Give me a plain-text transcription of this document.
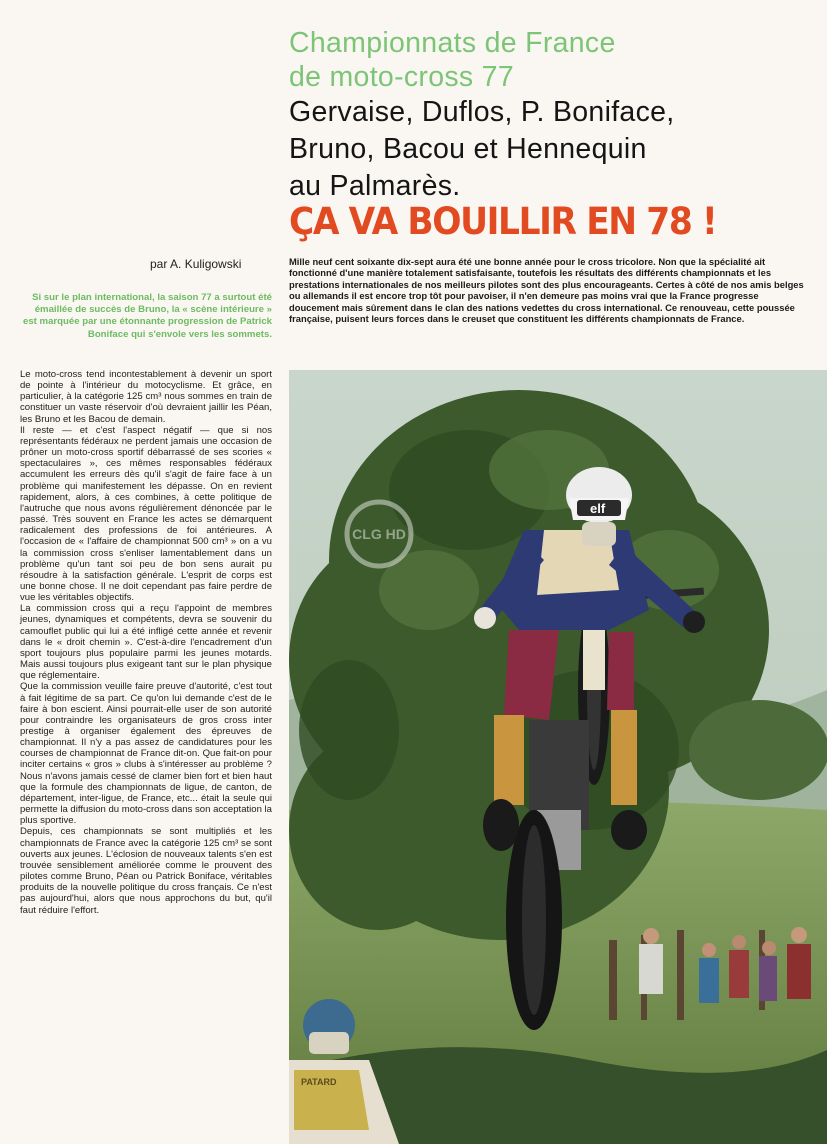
Championnats de France
de moto-cross 77
Gervaise, Duflos, P. Boniface,
Bruno, Bacou et Hennequin
au Palmarès.
ÇA VA BOUILLIR EN 78 !
par A. Kuligowski
Si sur le plan international, la saison 77 a surtout été émaillée de succès de Bruno, la « scène intérieure » est marquée par une étonnante progression de Patrick Boniface qui s'envole vers les sommets.
Mille neuf cent soixante dix-sept aura été une bonne année pour le cross tricolore. Non que la spécialité ait fonctionné d'une manière totalement satisfaisante, toutefois les résultats des différents championnats et les prestations internationales de nos meilleurs pilotes sont des plus encourageants. Certes à côté de nos amis belges ou allemands il est encore trop tôt pour pavoiser, il n'en demeure pas moins vrai que la France progresse doucement mais sûrement dans le clan des nations vedettes du cross international. Ce renouveau, cette poussée française, puisent leurs forces dans le creuset que constituent les différents championnats de France.

Le moto-cross tend incontestablement à devenir un sport de pointe à l'intérieur du motocyclisme. Et grâce, en particulier, à la catégorie 125 cm³ nous sommes en train de constituer un vaste réservoir d'où devraient jaillir les Péan, les Bruno et les Bacou de demain.

Il reste — et c'est l'aspect négatif — que si nos représentants fédéraux ne perdent jamais une occasion de prôner un moto-cross sportif débarrassé de ses scories « spectaculaires », ces mêmes responsables fédéraux accumulent les erreurs dès qu'il s'agit de faire face à un problème qui manifestement les dépasse. On en revient rapidement, alors, à ces combines, à cette politique de l'autruche que nous avons régulièrement dénoncée par le passé. Très souvent en France les actes se démarquent radicalement des professions de foi antérieures. A l'occasion de « l'affaire de championnat 500 cm³ » on a vu la commission cross s'enliser lamentablement dans un problème qu'un tant soi peu de bon sens aurait pu résoudre à la satisfaction générale. L'esprit de corps est une bonne chose. Il ne doit cependant pas faire perdre de vue les véritables objectifs.

La commission cross qui a reçu l'appoint de membres jeunes, dynamiques et compétents, devra se souvenir du camouflet public qui lui a été infligé cette année et revenir dans le « droit chemin ». C'est-à-dire l'encadrement d'un sport toujours plus populaire parmi les jeunes motards. Mais aussi toujours plus exigeant tant sur le plan physique que réglementaire.

Que la commission veuille faire preuve d'autorité, c'est tout à fait légitime de sa part. Ce qu'on lui demande c'est de le faire à bon escient. Ainsi pourrait-elle user de son autorité pour contraindre les organisateurs de gros cross inter prestige à organiser également des épreuves de championnat. Il n'y a pas assez de candidatures pour les courses de championnat de France dit-on. Que fait-on pour inciter certains « gros » clubs à s'intéresser au problème ? Nous n'avons jamais cessé de clamer bien fort et bien haut que la formule des championnats de ligue, de canton, de département, inter-ligue, de France, etc... était la seule qui permette la diffusion du moto-cross dans son acceptation la plus sportive.

Depuis, ces championnats se sont multipliés et les championnats de France avec la catégorie 125 cm³ se sont ouverts aux jeunes. L'éclosion de nouveaux talents s'en est trouvée sensiblement améliorée comme le prouvent des pilotes comme Bruno, Péan ou Patrick Boniface, véritables produits de la nouvelle politique du cross français. Ce n'est pas aujourd'hui, alors que nous approchons du but, qu'il faut réduire l'effort.

elf
PATARD
CLG HD
